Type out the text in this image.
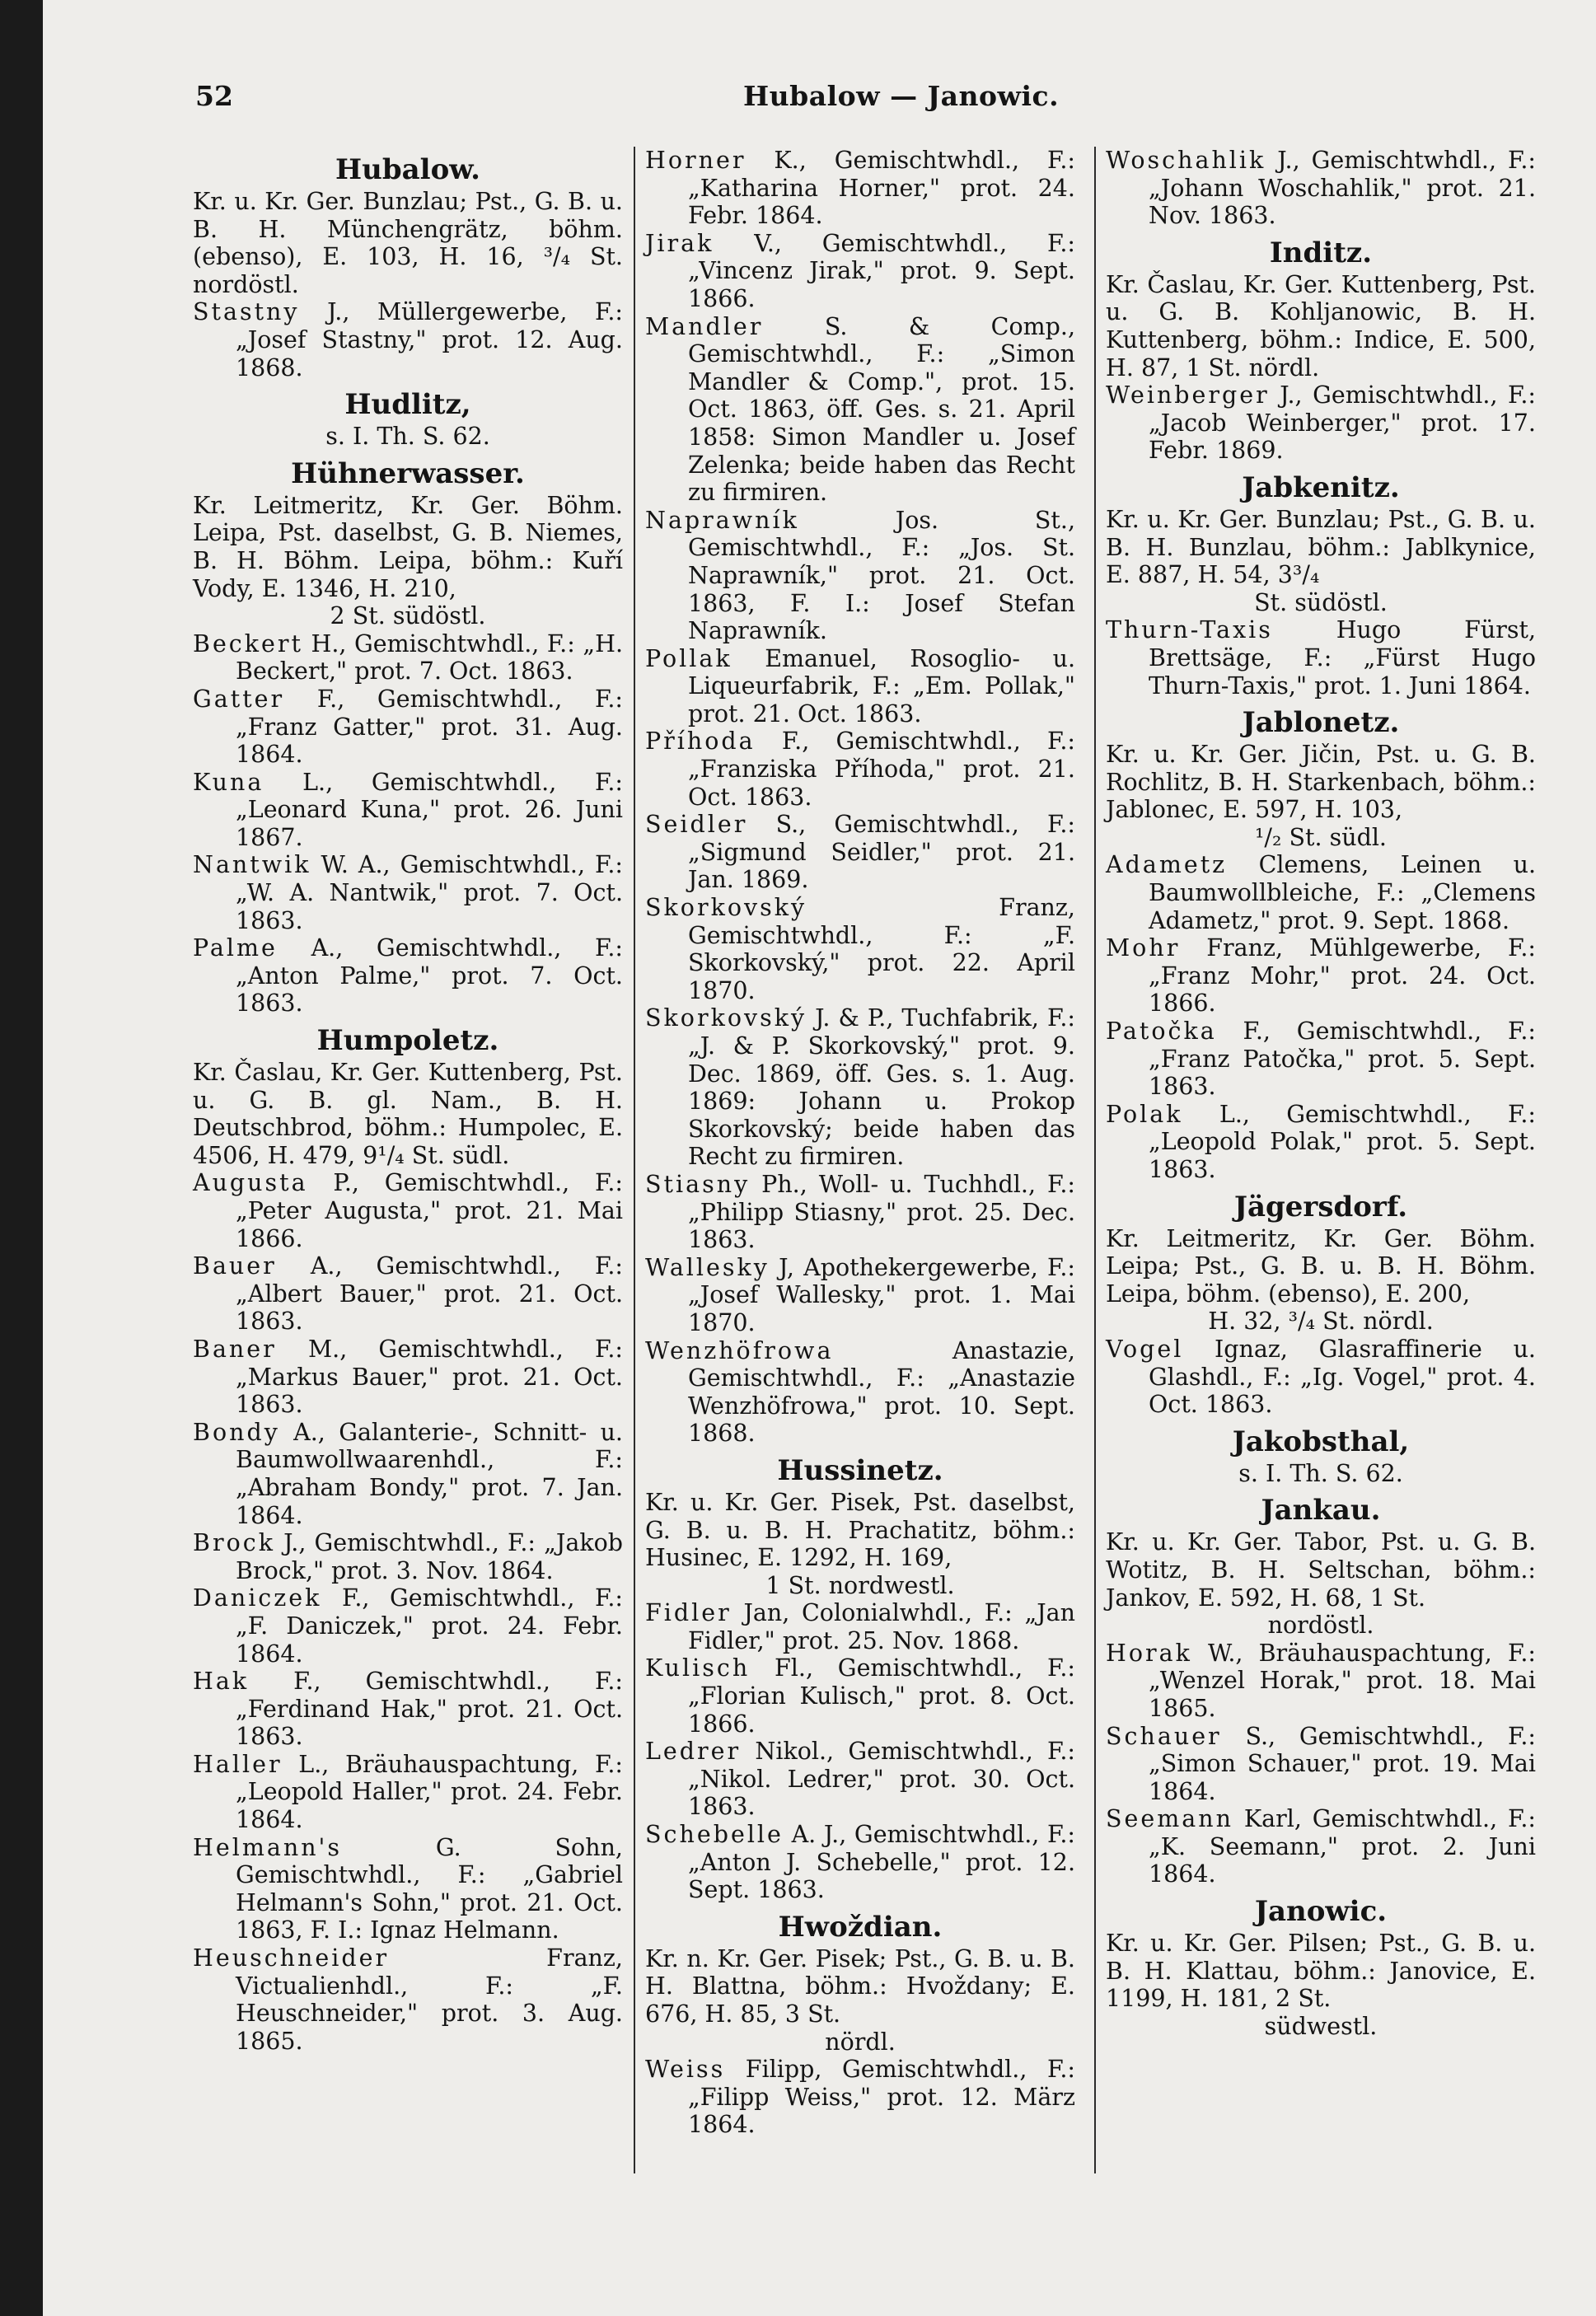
52	Hubalow — Janowic.
Hubalow.
Kr. u. Kr. Ger. Bunzlau; Pst., G. B. u. B. H. Münchengrätz, böhm. (ebenso), E. 103, H. 16, ³/₄ St. nordöstl.
Stastny J., Müllergewerbe, F.: „Josef Stastny," prot. 12. Aug. 1868.
Hudlitz,
s. I. Th. S. 62.
Hühnerwasser.
Kr. Leitmeritz, Kr. Ger. Böhm. Leipa, Pst. daselbst, G. B. Niemes, B. H. Böhm. Leipa, böhm.: Kuří Vody, E. 1346, H. 210,
2 St. südöstl.
Beckert H., Gemischtwhdl., F.: „H. Beckert," prot. 7. Oct. 1863.
Gatter F., Gemischtwhdl., F.: „Franz Gatter," prot. 31. Aug. 1864.
Kuna L., Gemischtwhdl., F.: „Leonard Kuna," prot. 26. Juni 1867.
Nantwik W. A., Gemischtwhdl., F.: „W. A. Nantwik," prot. 7. Oct. 1863.
Palme A., Gemischtwhdl., F.: „Anton Palme," prot. 7. Oct. 1863.
Humpoletz.
Kr. Časlau, Kr. Ger. Kuttenberg, Pst. u. G. B. gl. Nam., B. H. Deutschbrod, böhm.: Humpolec, E. 4506, H. 479, 9¹/₄ St. südl.
Augusta P., Gemischtwhdl., F.: „Peter Augusta," prot. 21. Mai 1866.
Bauer A., Gemischtwhdl., F.: „Albert Bauer," prot. 21. Oct. 1863.
Baner M., Gemischtwhdl., F.: „Markus Bauer," prot. 21. Oct. 1863.
Bondy A., Galanterie-, Schnitt- u. Baumwollwaarenhdl., F.: „Abraham Bondy," prot. 7. Jan. 1864.
Brock J., Gemischtwhdl., F.: „Jakob Brock," prot. 3. Nov. 1864.
Daniczek F., Gemischtwhdl., F.: „F. Daniczek," prot. 24. Febr. 1864.
Hak F., Gemischtwhdl., F.: „Ferdinand Hak," prot. 21. Oct. 1863.
Haller L., Bräuhauspachtung, F.: „Leopold Haller," prot. 24. Febr. 1864.
Helmann's G. Sohn, Gemischtwhdl., F.: „Gabriel Helmann's Sohn," prot. 21. Oct. 1863, F. I.: Ignaz Helmann.
Heuschneider Franz, Victualienhdl., F.: „F. Heuschneider," prot. 3. Aug. 1865.
Horner K., Gemischtwhdl., F.: „Katharina Horner," prot. 24. Febr. 1864.
Jirak V., Gemischtwhdl., F.: „Vincenz Jirak," prot. 9. Sept. 1866.
Mandler S. & Comp., Gemischtwhdl., F.: „Simon Mandler & Comp.", prot. 15. Oct. 1863, öff. Ges. s. 21. April 1858: Simon Mandler u. Josef Zelenka; beide haben das Recht zu firmiren.
Naprawník Jos. St., Gemischtwhdl., F.: „Jos. St. Naprawník," prot. 21. Oct. 1863, F. I.: Josef Stefan Naprawník.
Pollak Emanuel, Rosoglio- u. Liqueurfabrik, F.: „Em. Pollak," prot. 21. Oct. 1863.
Příhoda F., Gemischtwhdl., F.: „Franziska Příhoda," prot. 21. Oct. 1863.
Seidler S., Gemischtwhdl., F.: „Sigmund Seidler," prot. 21. Jan. 1869.
Skorkovský Franz, Gemischtwhdl., F.: „F. Skorkovský," prot. 22. April 1870.
Skorkovský J. & P., Tuchfabrik, F.: „J. & P. Skorkovský," prot. 9. Dec. 1869, öff. Ges. s. 1. Aug. 1869: Johann u. Prokop Skorkovský; beide haben das Recht zu firmiren.
Stiasny Ph., Woll- u. Tuchhdl., F.: „Philipp Stiasny," prot. 25. Dec. 1863.
Wallesky J, Apothekergewerbe, F.: „Josef Wallesky," prot. 1. Mai 1870.
Wenzhöfrowa Anastazie, Gemischtwhdl., F.: „Anastazie Wenzhöfrowa," prot. 10. Sept. 1868.
Hussinetz.
Kr. u. Kr. Ger. Pisek, Pst. daselbst, G. B. u. B. H. Prachatitz, böhm.: Husinec, E. 1292, H. 169,
1 St. nordwestl.
Fidler Jan, Colonialwhdl., F.: „Jan Fidler," prot. 25. Nov. 1868.
Kulisch Fl., Gemischtwhdl., F.: „Florian Kulisch," prot. 8. Oct. 1866.
Ledrer Nikol., Gemischtwhdl., F.: „Nikol. Ledrer," prot. 30. Oct. 1863.
Schebelle A. J., Gemischtwhdl., F.: „Anton J. Schebelle," prot. 12. Sept. 1863.
Hwoždian.
Kr. n. Kr. Ger. Pisek; Pst., G. B. u. B. H. Blattna, böhm.: Hvoždany; E. 676, H. 85, 3 St.
nördl.
Weiss Filipp, Gemischtwhdl., F.: „Filipp Weiss," prot. 12. März 1864.
Woschahlik J., Gemischtwhdl., F.: „Johann Woschahlik," prot. 21. Nov. 1863.
Inditz.
Kr. Časlau, Kr. Ger. Kuttenberg, Pst. u. G. B. Kohljanowic, B. H. Kuttenberg, böhm.: Indice, E. 500, H. 87, 1 St. nördl.
Weinberger J., Gemischtwhdl., F.: „Jacob Weinberger," prot. 17. Febr. 1869.
Jabkenitz.
Kr. u. Kr. Ger. Bunzlau; Pst., G. B. u. B. H. Bunzlau, böhm.: Jablkynice, E. 887, H. 54, 3³/₄
St. südöstl.
Thurn-Taxis Hugo Fürst, Brettsäge, F.: „Fürst Hugo Thurn-Taxis," prot. 1. Juni 1864.
Jablonetz.
Kr. u. Kr. Ger. Jičin, Pst. u. G. B. Rochlitz, B. H. Starkenbach, böhm.: Jablonec, E. 597, H. 103,
¹/₂ St. südl.
Adametz Clemens, Leinen u. Baumwollbleiche, F.: „Clemens Adametz," prot. 9. Sept. 1868.
Mohr Franz, Mühlgewerbe, F.: „Franz Mohr," prot. 24. Oct. 1866.
Patočka F., Gemischtwhdl., F.: „Franz Patočka," prot. 5. Sept. 1863.
Polak L., Gemischtwhdl., F.: „Leopold Polak," prot. 5. Sept. 1863.
Jägersdorf.
Kr. Leitmeritz, Kr. Ger. Böhm. Leipa; Pst., G. B. u. B. H. Böhm. Leipa, böhm. (ebenso), E. 200,
H. 32, ³/₄ St. nördl.
Vogel Ignaz, Glasraffinerie u. Glashdl., F.: „Ig. Vogel," prot. 4. Oct. 1863.
Jakobsthal,
s. I. Th. S. 62.
Jankau.
Kr. u. Kr. Ger. Tabor, Pst. u. G. B. Wotitz, B. H. Seltschan, böhm.: Jankov, E. 592, H. 68, 1 St.
nordöstl.
Horak W., Bräuhauspachtung, F.: „Wenzel Horak," prot. 18. Mai 1865.
Schauer S., Gemischtwhdl., F.: „Simon Schauer," prot. 19. Mai 1864.
Seemann Karl, Gemischtwhdl., F.: „K. Seemann," prot. 2. Juni 1864.
Janowic.
Kr. u. Kr. Ger. Pilsen; Pst., G. B. u. B. H. Klattau, böhm.: Janovice, E. 1199, H. 181, 2 St.
südwestl.
